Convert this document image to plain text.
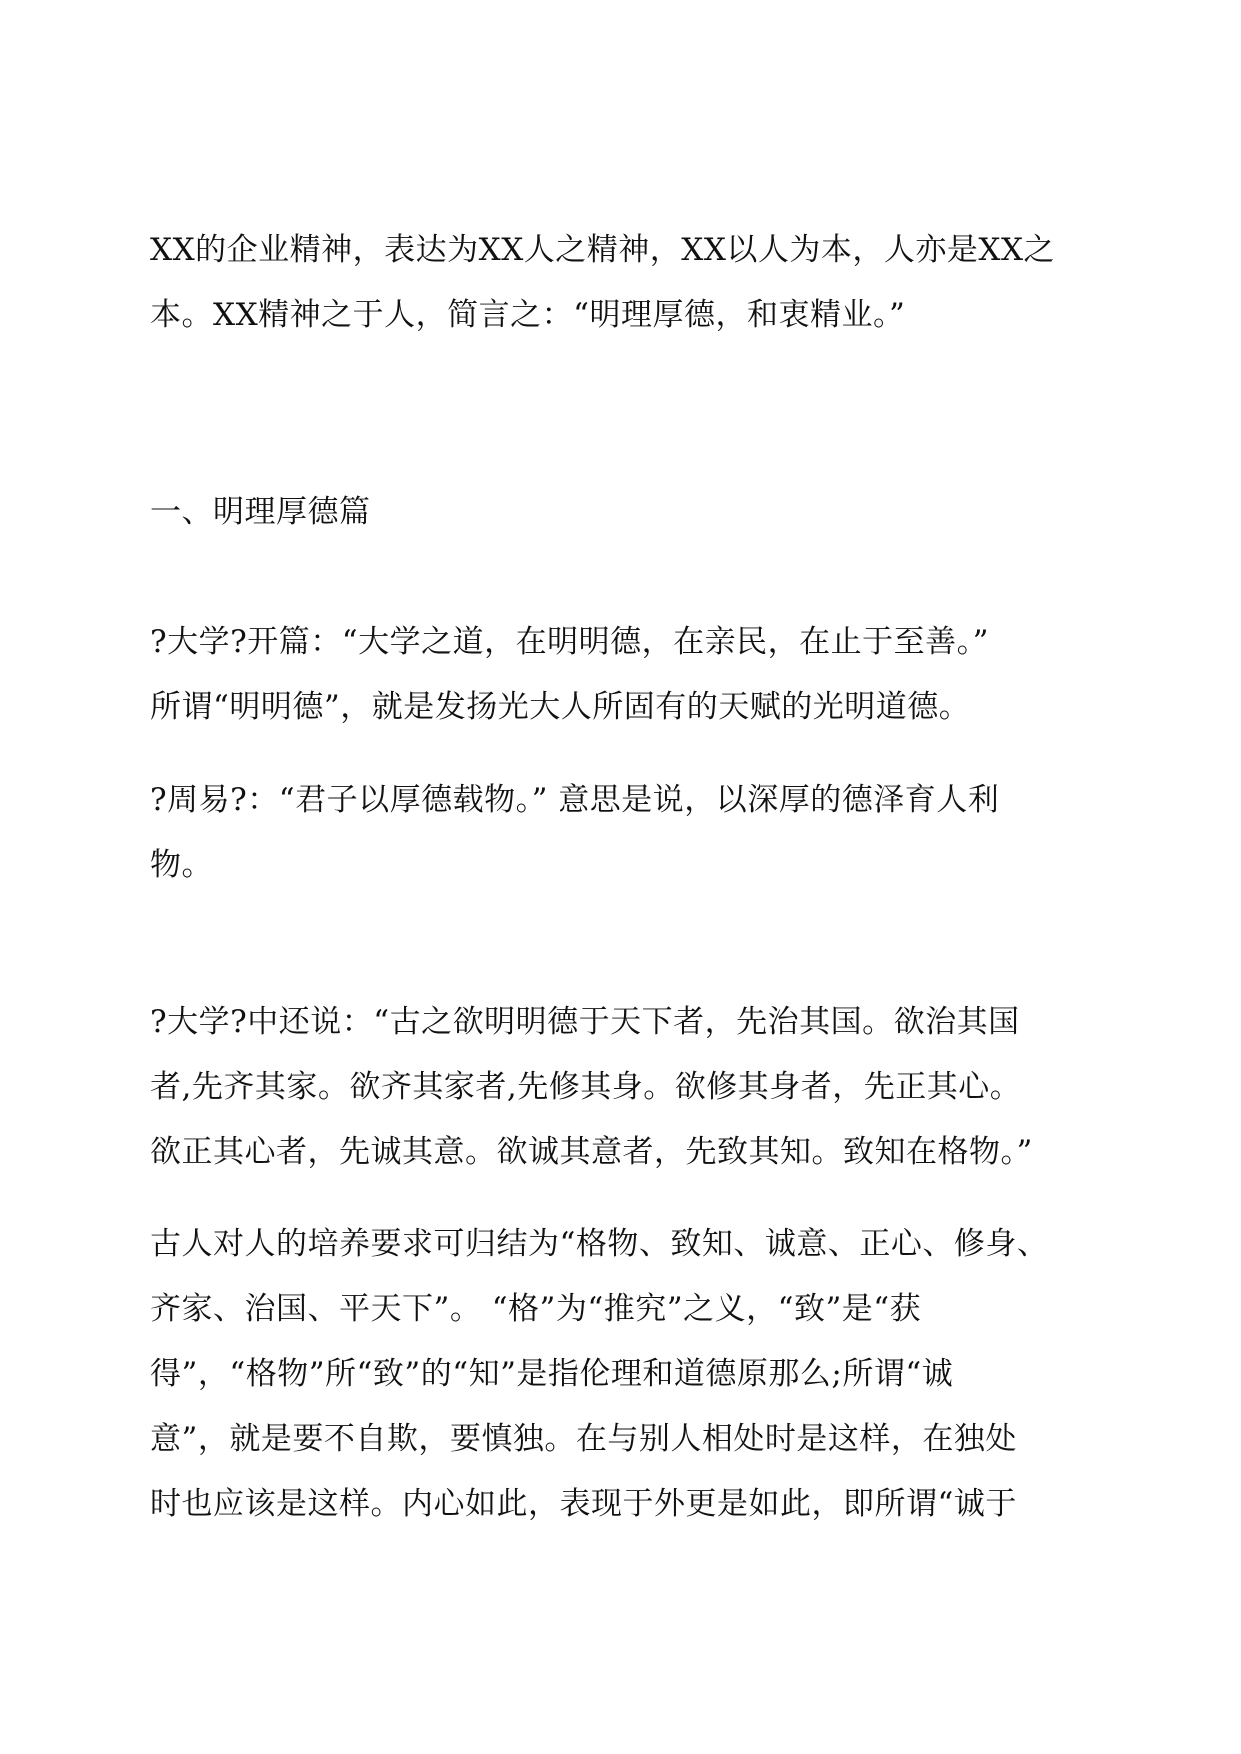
XX的企业精神，表达为XX人之精神，XX以人为本，人亦是XX之
本。XX精神之于人，简言之：“明理厚德，和衷精业。”
一、明理厚德篇
?大学?开篇：“大学之道，在明明德，在亲民，在止于至善。”
所谓“明明德”，就是发扬光大人所固有的天赋的光明道德。
?周易?：“君子以厚德载物。” 意思是说，以深厚的德泽育人利
物。
?大学?中还说：“古之欲明明德于天下者，先治其国。欲治其国
者,先齐其家。欲齐其家者,先修其身。欲修其身者，先正其心。
欲正其心者，先诚其意。欲诚其意者，先致其知。致知在格物。”
古人对人的培养要求可归结为“格物、致知、诚意、正心、修身、
齐家、治国、平天下”。 “格”为“推究”之义，“致”是“获
得”，“格物”所“致”的“知”是指伦理和道德原那么;所谓“诚
意”，就是要不自欺，要慎独。在与别人相处时是这样，在独处
时也应该是这样。内心如此，表现于外更是如此，即所谓“诚于
